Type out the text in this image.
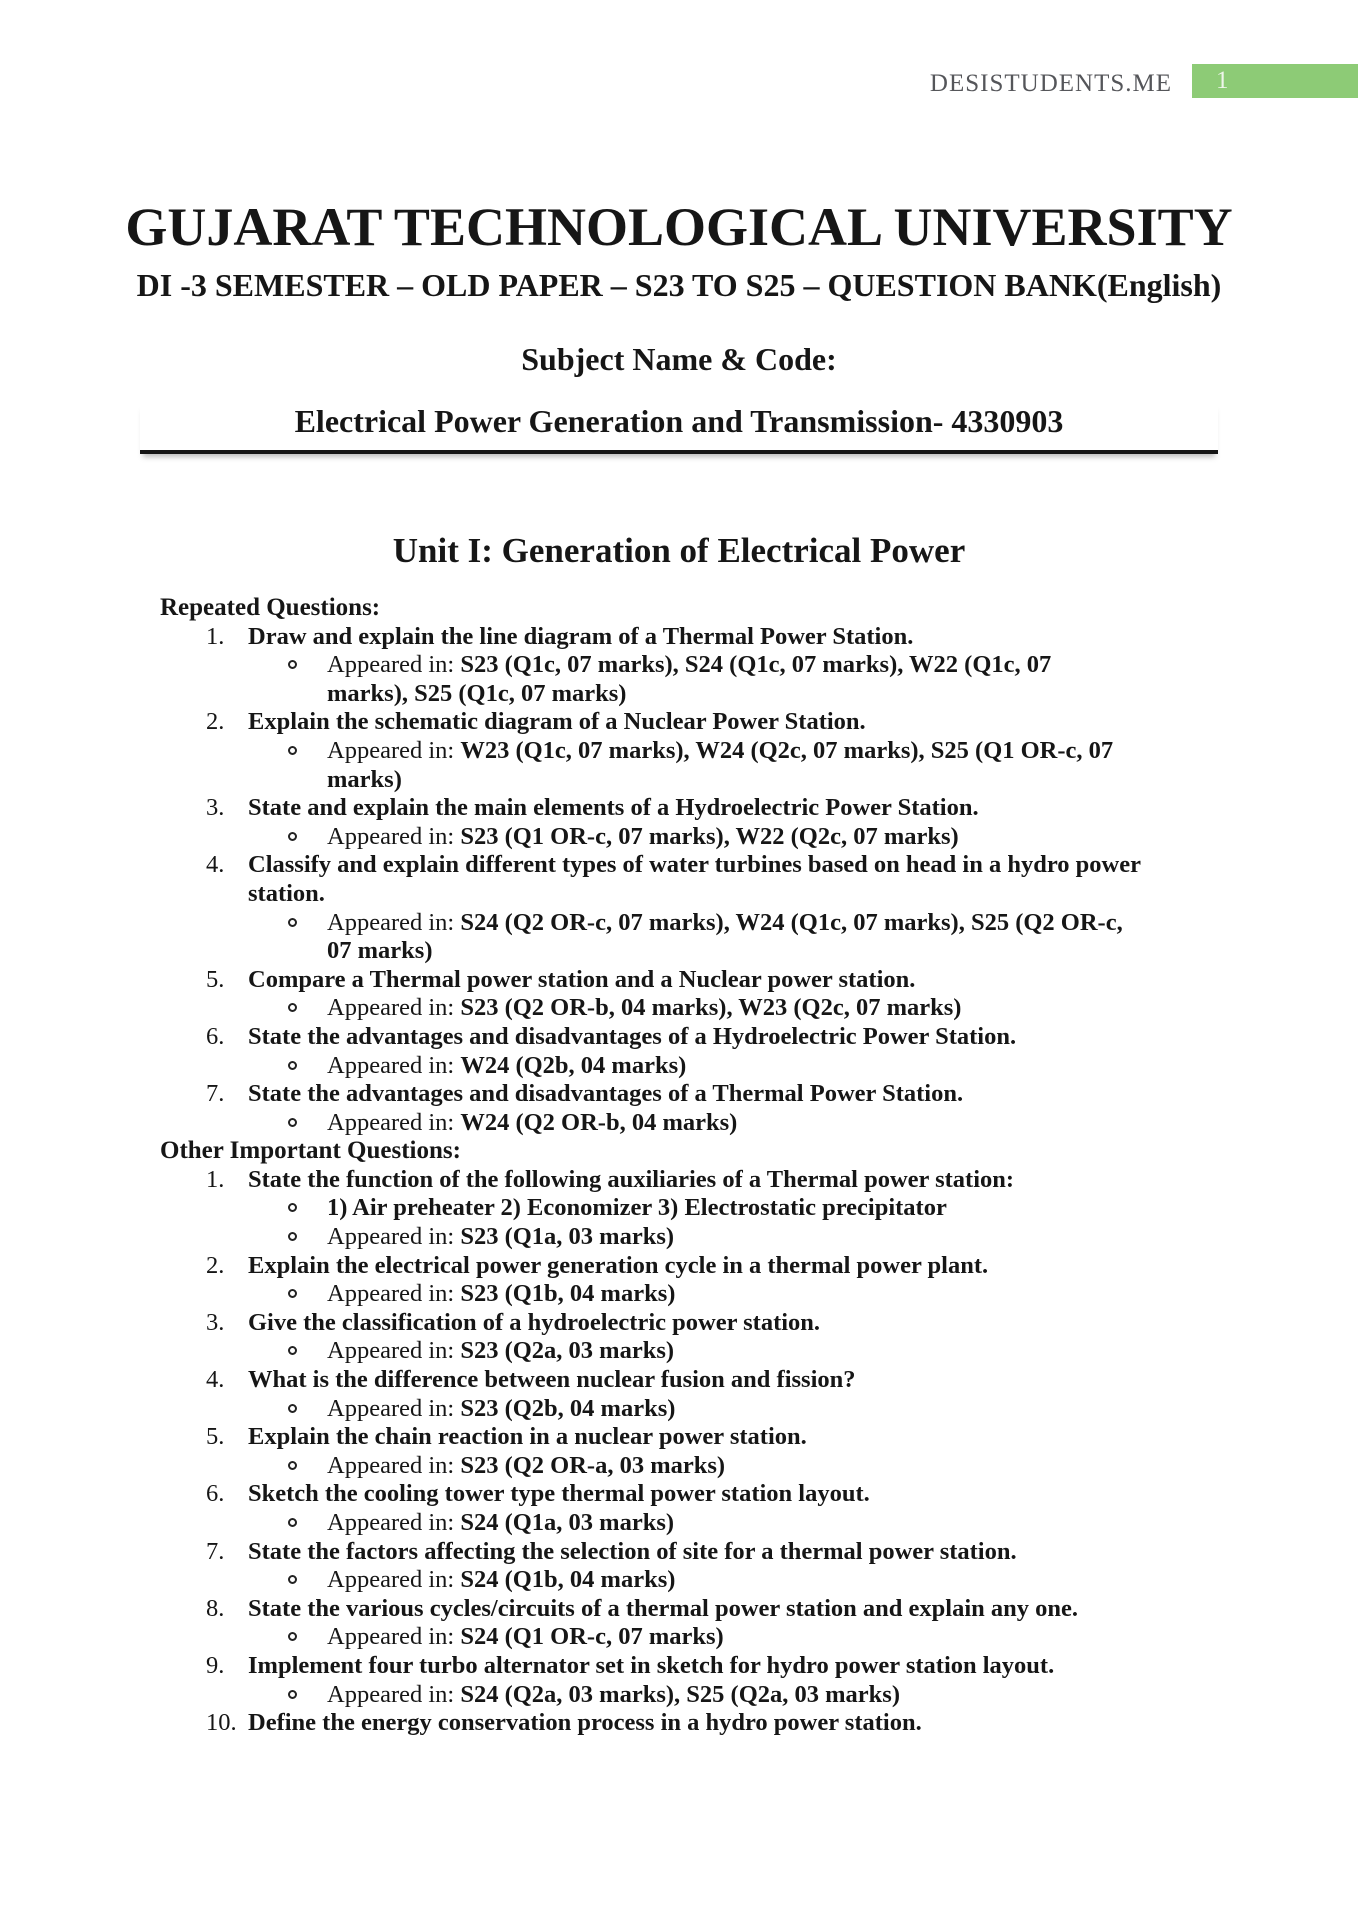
DESISTUDENTS.ME	1
GUJARAT TECHNOLOGICAL UNIVERSITY
DI -3 SEMESTER – OLD PAPER – S23 TO S25 – QUESTION BANK(English)
Subject Name & Code:
Electrical Power Generation and Transmission- 4330903
Unit I: Generation of Electrical Power
Repeated Questions:
1. Draw and explain the line diagram of a Thermal Power Station.
Appeared in: S23 (Q1c, 07 marks), S24 (Q1c, 07 marks), W22 (Q1c, 07 marks), S25 (Q1c, 07 marks)
2. Explain the schematic diagram of a Nuclear Power Station.
Appeared in: W23 (Q1c, 07 marks), W24 (Q2c, 07 marks), S25 (Q1 OR-c, 07 marks)
3. State and explain the main elements of a Hydroelectric Power Station.
Appeared in: S23 (Q1 OR-c, 07 marks), W22 (Q2c, 07 marks)
4. Classify and explain different types of water turbines based on head in a hydro power station.
Appeared in: S24 (Q2 OR-c, 07 marks), W24 (Q1c, 07 marks), S25 (Q2 OR-c, 07 marks)
5. Compare a Thermal power station and a Nuclear power station.
Appeared in: S23 (Q2 OR-b, 04 marks), W23 (Q2c, 07 marks)
6. State the advantages and disadvantages of a Hydroelectric Power Station.
Appeared in: W24 (Q2b, 04 marks)
7. State the advantages and disadvantages of a Thermal Power Station.
Appeared in: W24 (Q2 OR-b, 04 marks)
Other Important Questions:
1. State the function of the following auxiliaries of a Thermal power station:
1) Air preheater 2) Economizer 3) Electrostatic precipitator
Appeared in: S23 (Q1a, 03 marks)
2. Explain the electrical power generation cycle in a thermal power plant.
Appeared in: S23 (Q1b, 04 marks)
3. Give the classification of a hydroelectric power station.
Appeared in: S23 (Q2a, 03 marks)
4. What is the difference between nuclear fusion and fission?
Appeared in: S23 (Q2b, 04 marks)
5. Explain the chain reaction in a nuclear power station.
Appeared in: S23 (Q2 OR-a, 03 marks)
6. Sketch the cooling tower type thermal power station layout.
Appeared in: S24 (Q1a, 03 marks)
7. State the factors affecting the selection of site for a thermal power station.
Appeared in: S24 (Q1b, 04 marks)
8. State the various cycles/circuits of a thermal power station and explain any one.
Appeared in: S24 (Q1 OR-c, 07 marks)
9. Implement four turbo alternator set in sketch for hydro power station layout.
Appeared in: S24 (Q2a, 03 marks), S25 (Q2a, 03 marks)
10. Define the energy conservation process in a hydro power station.
